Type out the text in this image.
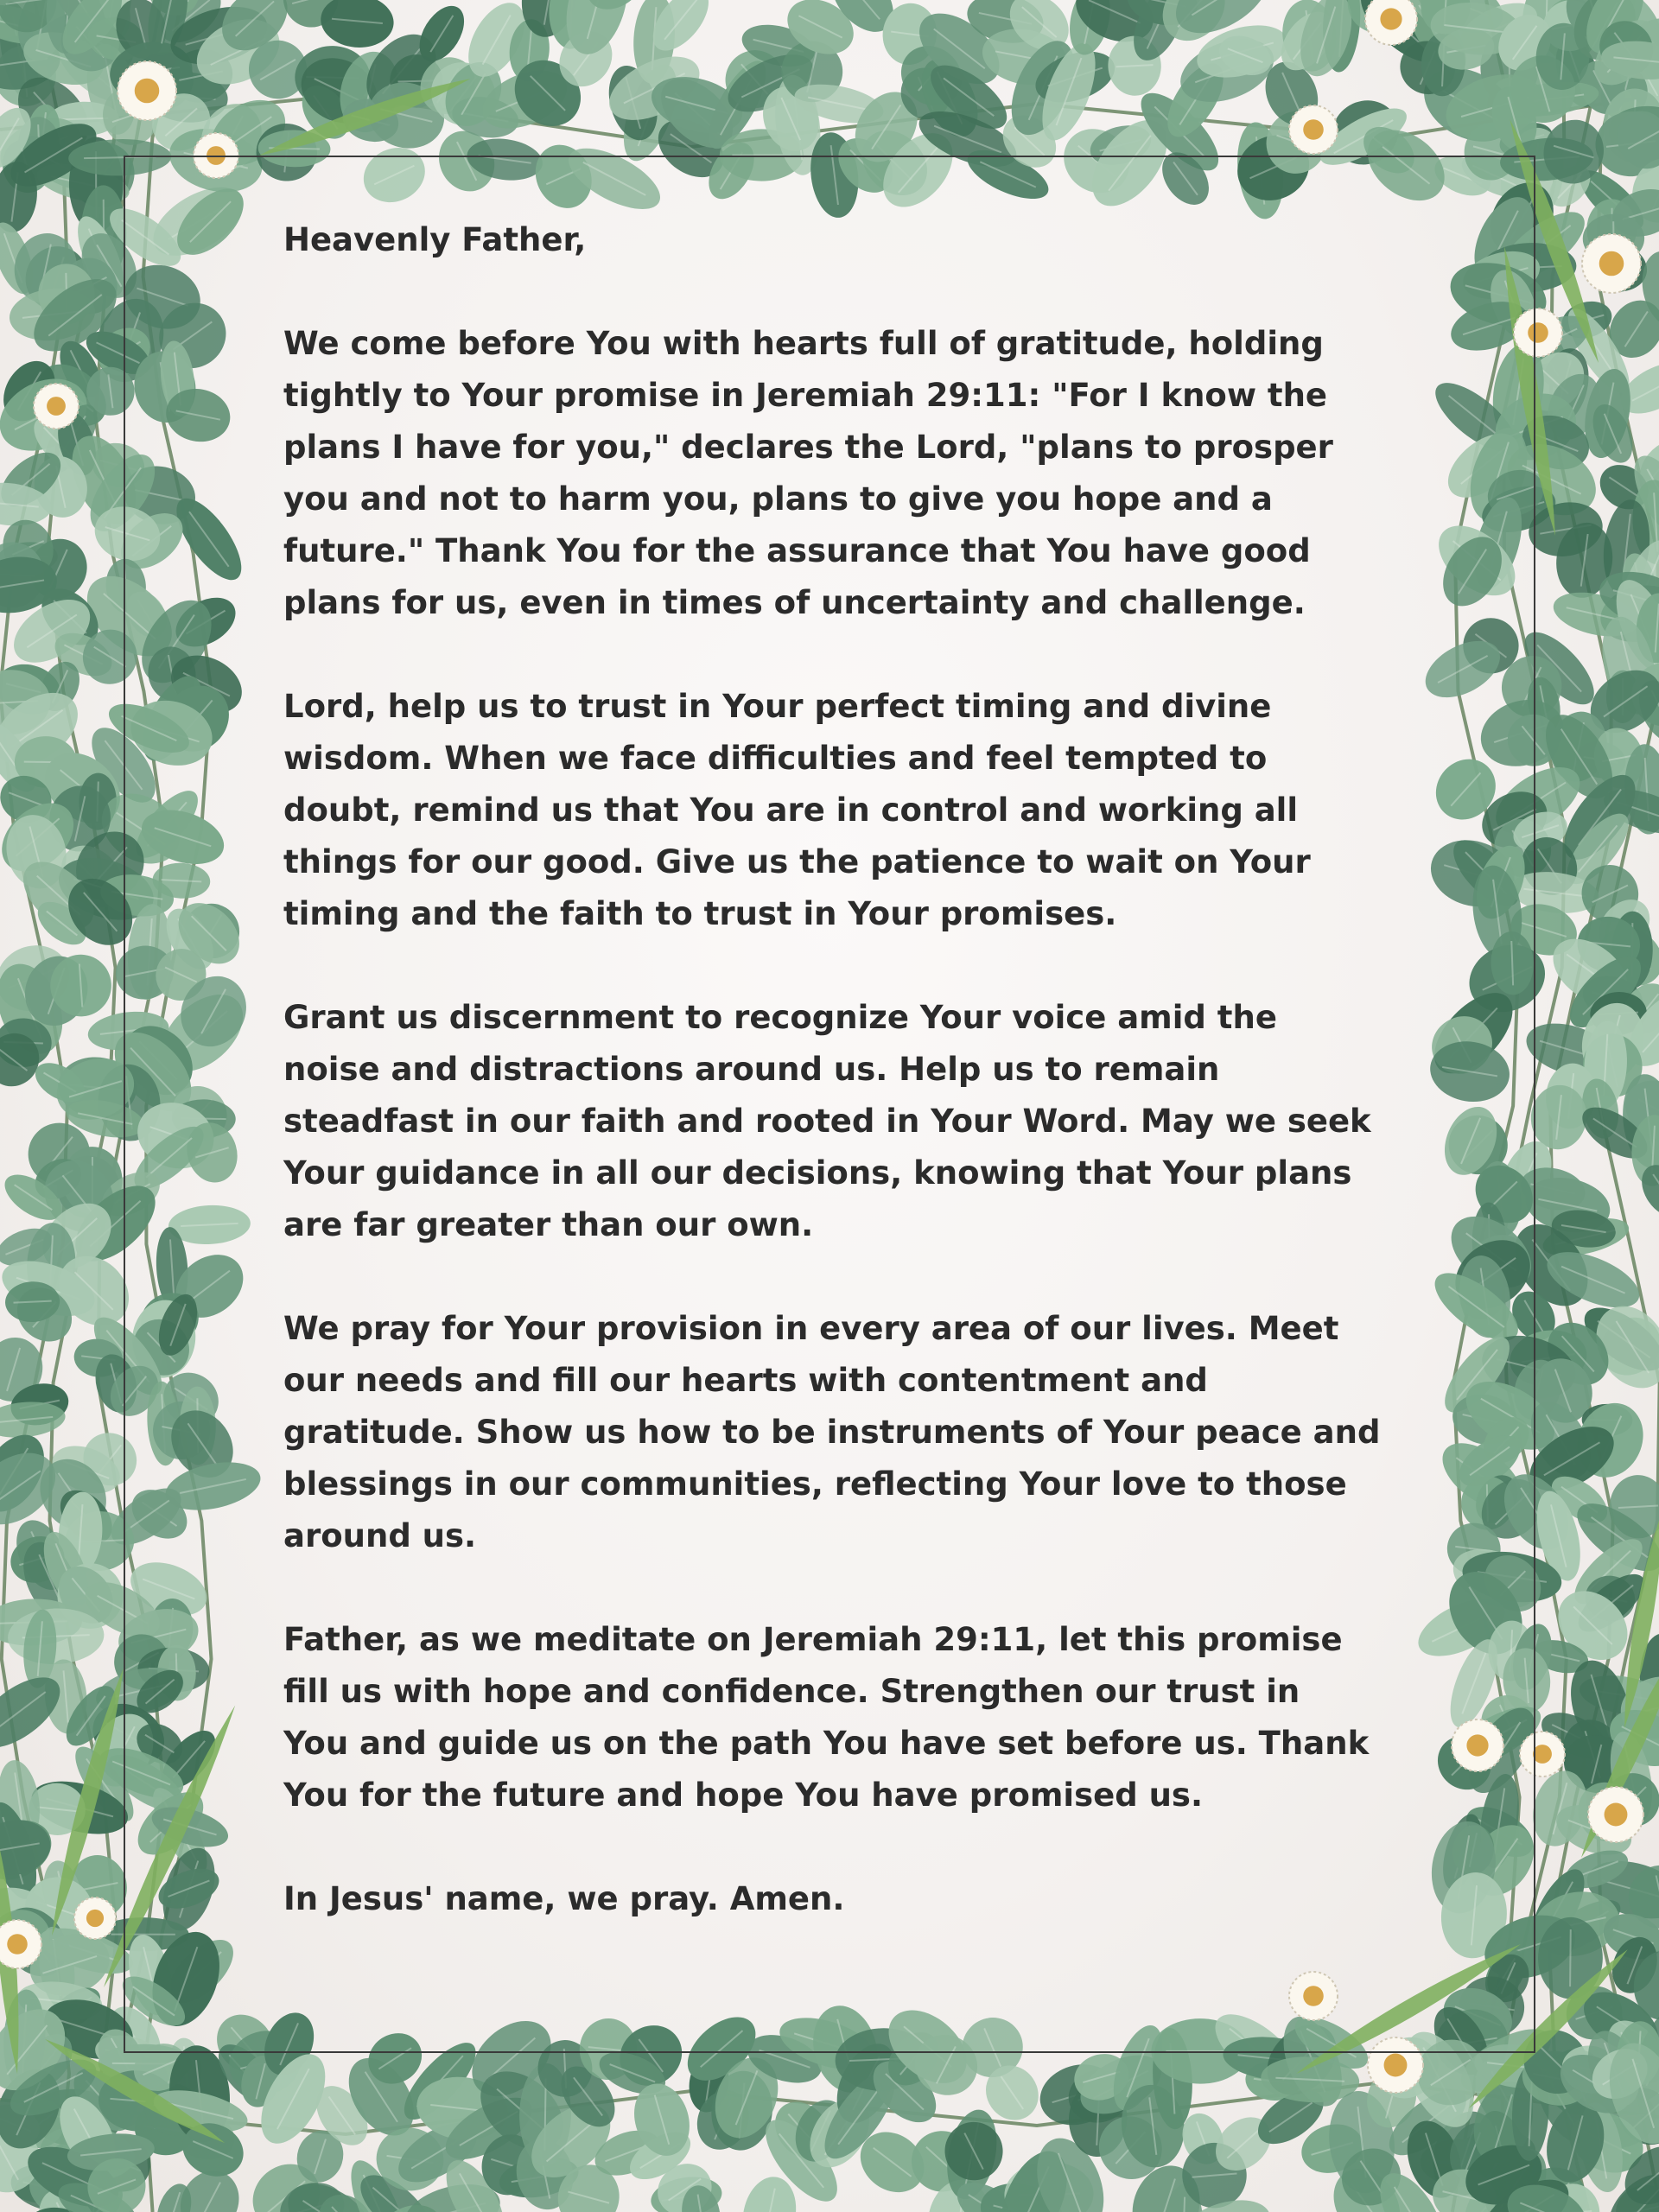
Heavenly Father,

We come before You with hearts full of gratitude, holding
tightly to Your promise in Jeremiah 29:11: "For I know the
plans I have for you," declares the Lord, "plans to prosper
you and not to harm you, plans to give you hope and a
future." Thank You for the assurance that You have good
plans for us, even in times of uncertainty and challenge.

Lord, help us to trust in Your perfect timing and divine
wisdom. When we face difficulties and feel tempted to
doubt, remind us that You are in control and working all
things for our good. Give us the patience to wait on Your
timing and the faith to trust in Your promises.

Grant us discernment to recognize Your voice amid the
noise and distractions around us. Help us to remain
steadfast in our faith and rooted in Your Word. May we seek
Your guidance in all our decisions, knowing that Your plans
are far greater than our own.

We pray for Your provision in every area of our lives. Meet
our needs and fill our hearts with contentment and
gratitude. Show us how to be instruments of Your peace and
blessings in our communities, reflecting Your love to those
around us.

Father, as we meditate on Jeremiah 29:11, let this promise
fill us with hope and confidence. Strengthen our trust in
You and guide us on the path You have set before us. Thank
You for the future and hope You have promised us.

In Jesus' name, we pray. Amen.
